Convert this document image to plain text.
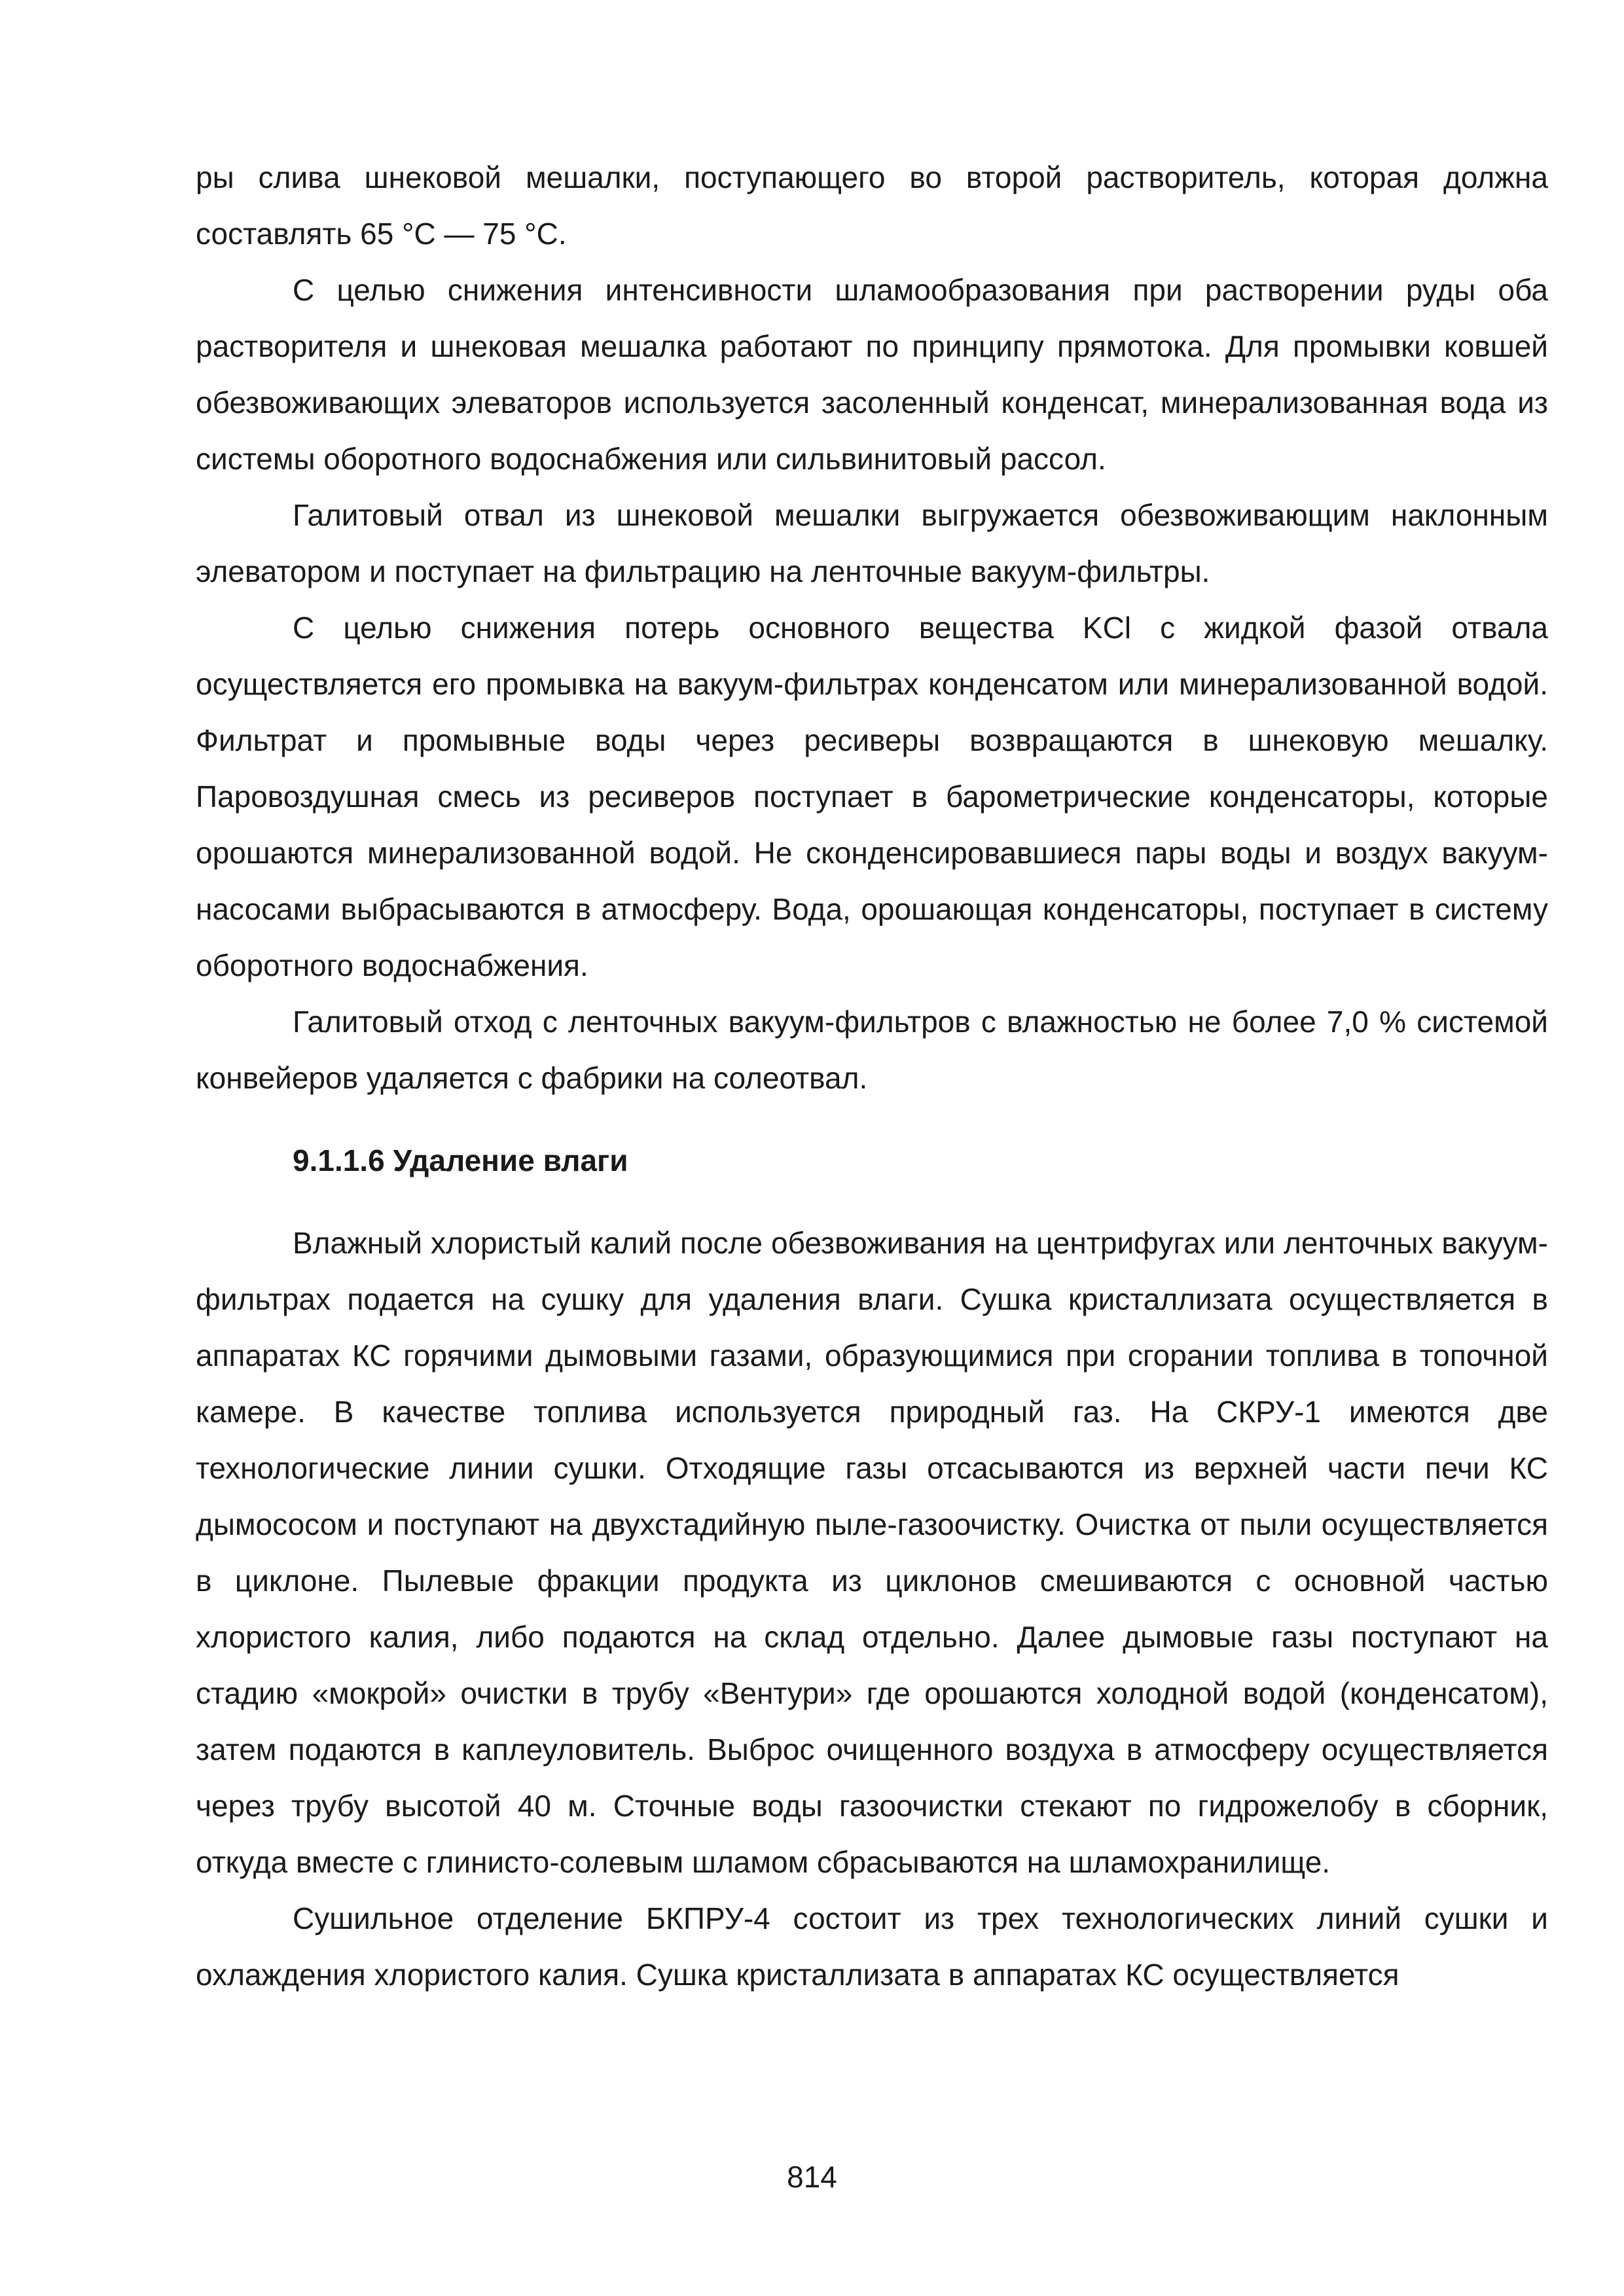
ры слива шнековой мешалки, поступающего во второй растворитель, которая должна составлять 65 °С — 75 °С.

С целью снижения интенсивности шламообразования при растворении руды оба растворителя и шнековая мешалка работают по принципу прямотока. Для промывки ковшей обезвоживающих элеваторов используется засоленный конденсат, минерализованная вода из системы оборотного водоснабжения или сильвинитовый рассол.

Галитовый отвал из шнековой мешалки выгружается обезвоживающим наклонным элеватором и поступает на фильтрацию на ленточные вакуум-фильтры.

С целью снижения потерь основного вещества KCl с жидкой фазой отвала осуществляется его промывка на вакуум-фильтрах конденсатом или минерализованной водой. Фильтрат и промывные воды через ресиверы возвращаются в шнековую мешалку. Паровоздушная смесь из ресиверов поступает в барометрические конденсаторы, которые орошаются минерализованной водой. Не сконденсировавшиеся пары воды и воздух вакуум-насосами выбрасываются в атмосферу. Вода, орошающая конденсаторы, поступает в систему оборотного водоснабжения.

Галитовый отход с ленточных вакуум-фильтров с влажностью не более 7,0 % системой конвейеров удаляется с фабрики на солеотвал.

9.1.1.6 Удаление влаги

Влажный хлористый калий после обезвоживания на центрифугах или ленточных вакуум-фильтрах подается на сушку для удаления влаги. Сушка кристаллизата осуществляется в аппаратах КС горячими дымовыми газами, образующимися при сгорании топлива в топочной камере. В качестве топлива используется природный газ. На СКРУ-1 имеются две технологические линии сушки. Отходящие газы отсасываются из верхней части печи КС дымососом и поступают на двухстадийную пыле-газоочистку. Очистка от пыли осуществляется в циклоне. Пылевые фракции продукта из циклонов смешиваются с основной частью хлористого калия, либо подаются на склад отдельно. Далее дымовые газы поступают на стадию «мокрой» очистки в трубу «Вентури» где орошаются холодной водой (конденсатом), затем подаются в каплеуловитель. Выброс очищенного воздуха в атмосферу осуществляется через трубу высотой 40 м. Сточные воды газоочистки стекают по гидрожелобу в сборник, откуда вместе с глинисто-солевым шламом сбрасываются на шламохранилище.

Сушильное отделение БКПРУ-4 состоит из трех технологических линий сушки и охлаждения хлористого калия. Сушка кристаллизата в аппаратах КС осуществляется

814
